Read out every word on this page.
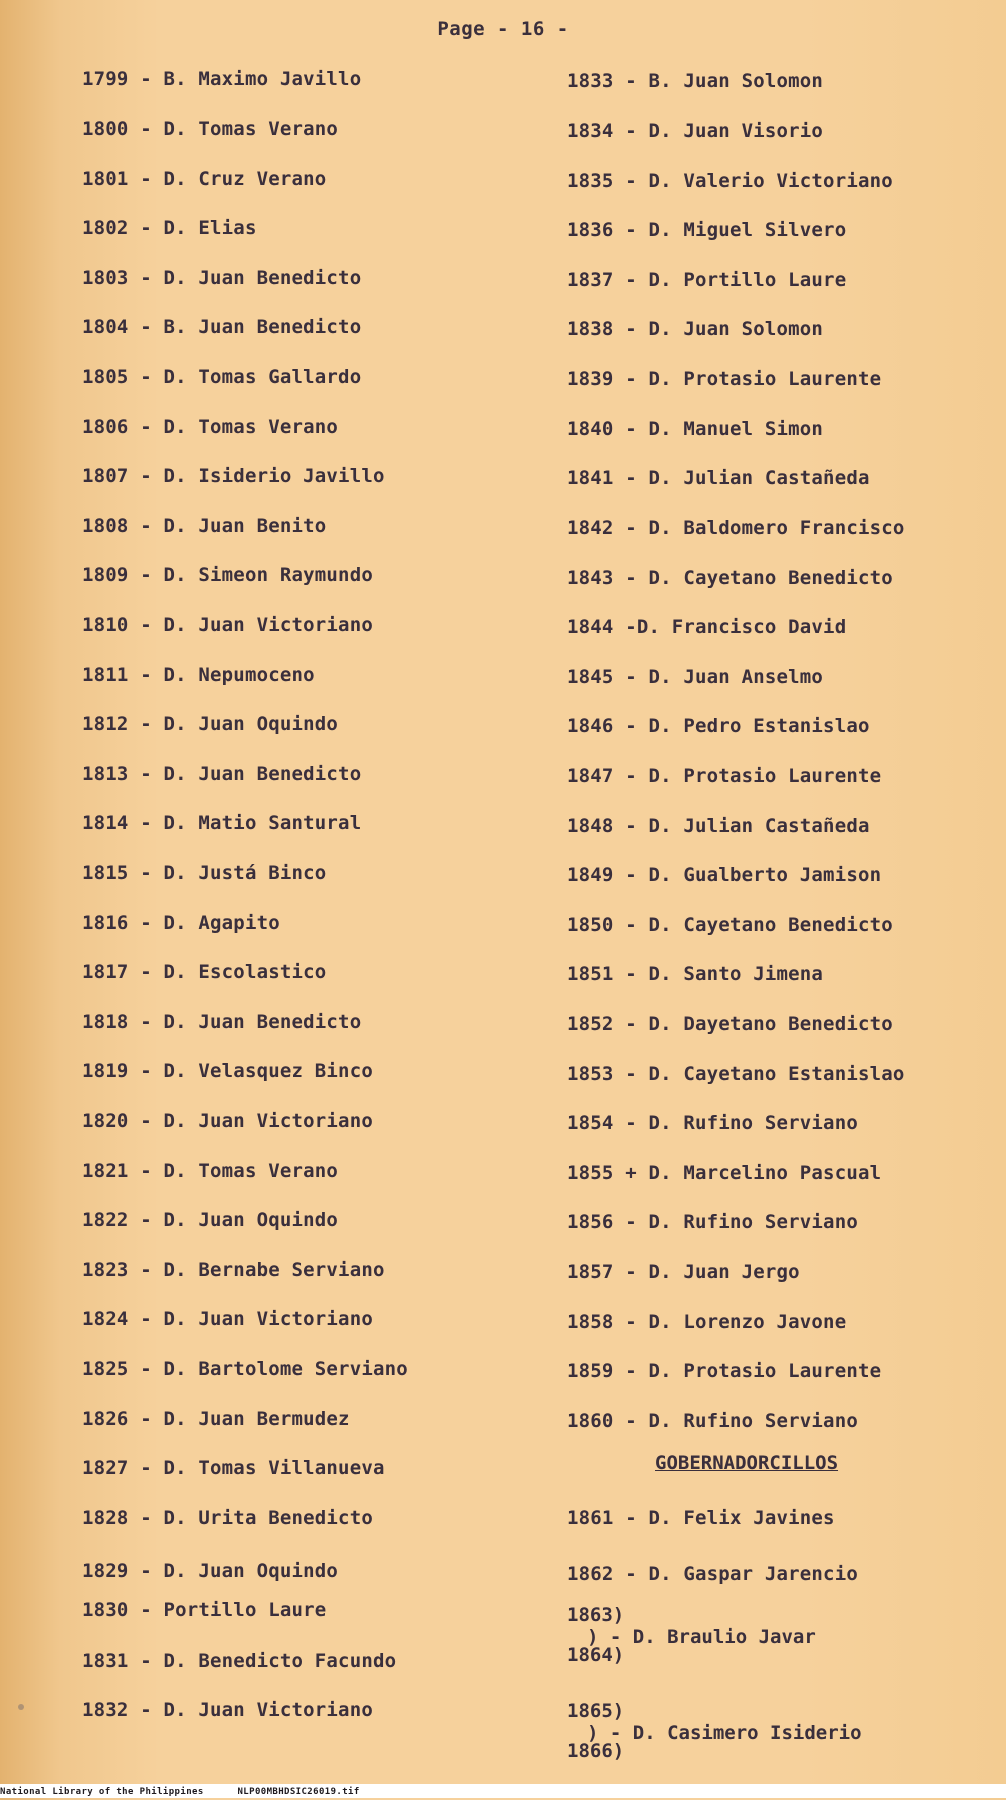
Page - 16 -
1799 - B. Maximo Javillo
1800 - D. Tomas Verano
1801 - D. Cruz Verano
1802 - D. Elias
1803 - D. Juan Benedicto
1804 - B. Juan Benedicto
1805 - D. Tomas Gallardo
1806 - D. Tomas Verano
1807 - D. Isiderio Javillo
1808 - D. Juan Benito
1809 - D. Simeon Raymundo
1810 - D. Juan Victoriano
1811 - D. Nepumoceno
1812 - D. Juan Oquindo
1813 - D. Juan Benedicto
1814 - D. Matio Santural
1815 - D. Justá Binco
1816 - D. Agapito
1817 - D. Escolastico
1818 - D. Juan Benedicto
1819 - D. Velasquez Binco
1820 - D. Juan Victoriano
1821 - D. Tomas Verano
1822 - D. Juan Oquindo
1823 - D. Bernabe Serviano
1824 - D. Juan Victoriano
1825 - D. Bartolome Serviano
1826 - D. Juan Bermudez
1827 - D. Tomas Villanueva
1828 - D. Urita Benedicto
1829 - D. Juan Oquindo
1830 - Portillo Laure
1831 - D. Benedicto Facundo
1832 - D. Juan Victoriano
1833 - B. Juan Solomon
1834 - D. Juan Visorio
1835 - D. Valerio Victoriano
1836 - D. Miguel Silvero
1837 - D. Portillo Laure
1838 - D. Juan Solomon
1839 - D. Protasio Laurente
1840 - D. Manuel Simon
1841 - D. Julian Castañeda
1842 - D. Baldomero Francisco
1843 - D. Cayetano Benedicto
1844 -D. Francisco David
1845 - D. Juan Anselmo
1846 - D. Pedro Estanislao
1847 - D. Protasio Laurente
1848 - D. Julian Castañeda
1849 - D. Gualberto Jamison
1850 - D. Cayetano Benedicto
1851 - D. Santo Jimena
1852 - D. Dayetano Benedicto
1853 - D. Cayetano Estanislao
1854 - D. Rufino Serviano
1855 + D. Marcelino Pascual
1856 - D. Rufino Serviano
1857 - D. Juan Jergo
1858 - D. Lorenzo Javone
1859 - D. Protasio Laurente
1860 - D. Rufino Serviano
1861 - D. Felix Javines
1862 - D. Gaspar Jarencio
1863)
) - D. Braulio Javar
1864)
1865)
) - D. Casimero Isiderio
1866)
GOBERNADORCILLOS
National Library of the Philippines	NLP00MBHDSIC26019.tif
